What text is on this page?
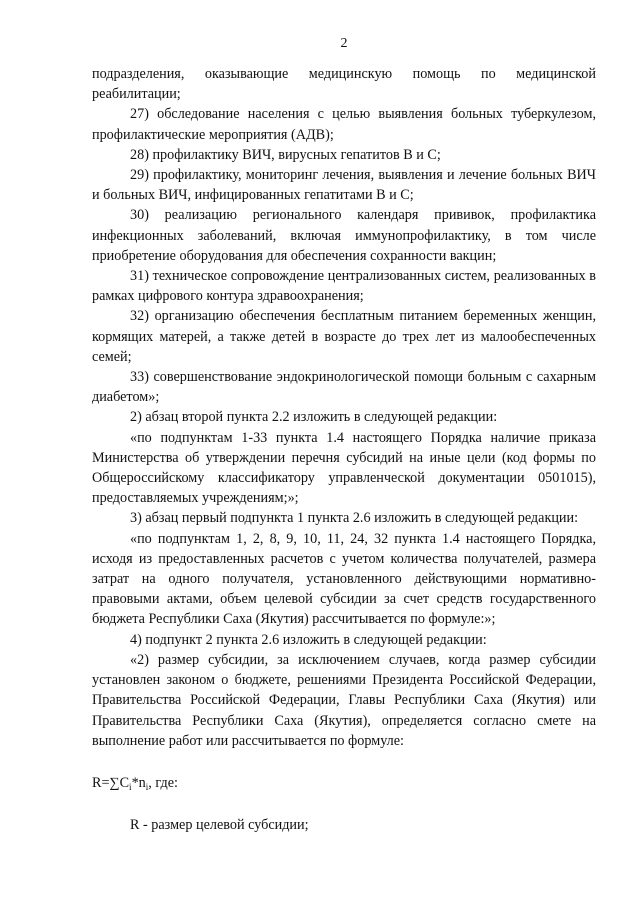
2

подразделения, оказывающие медицинскую помощь по медицинской реабилитации;

27) обследование населения с целью выявления больных туберкулезом, профилактические мероприятия (АДВ);

28) профилактику ВИЧ, вирусных гепатитов В и С;

29) профилактику, мониторинг лечения, выявления и лечение больных ВИЧ и больных ВИЧ, инфицированных гепатитами В и С;

30) реализацию регионального календаря прививок, профилактика инфекционных заболеваний, включая иммунопрофилактику, в том числе приобретение оборудования для обеспечения сохранности вакцин;

31) техническое сопровождение централизованных систем, реализованных в рамках цифрового контура здравоохранения;

32) организацию обеспечения бесплатным питанием беременных женщин, кормящих матерей, а также детей в возрасте до трех лет из малообеспеченных семей;

33) совершенствование эндокринологической помощи больным с сахарным диабетом»;

2) абзац второй пункта 2.2 изложить в следующей редакции:

«по подпунктам 1-33 пункта 1.4 настоящего Порядка наличие приказа Министерства об утверждении перечня субсидий на иные цели (код формы по Общероссийскому классификатору управленческой документации 0501015), предоставляемых учреждениям;»;

3) абзац первый подпункта 1 пункта 2.6 изложить в следующей редакции:

«по подпунктам 1, 2, 8, 9, 10, 11, 24, 32 пункта 1.4 настоящего Порядка, исходя из предоставленных расчетов с учетом количества получателей, размера затрат на одного получателя, установленного действующими нормативно-правовыми актами, объем целевой субсидии за счет средств государственного бюджета Республики Саха (Якутия) рассчитывается по формуле:»;

4) подпункт 2 пункта 2.6 изложить в следующей редакции:

«2) размер субсидии, за исключением случаев, когда размер субсидии установлен законом о бюджете, решениями Президента Российской Федерации, Правительства Российской Федерации, Главы Республики Саха (Якутия) или Правительства Республики Саха (Якутия), определяется согласно смете на выполнение работ или рассчитывается по формуле:

$R=\sum C_i*n_i$, где:

R - размер целевой субсидии;
